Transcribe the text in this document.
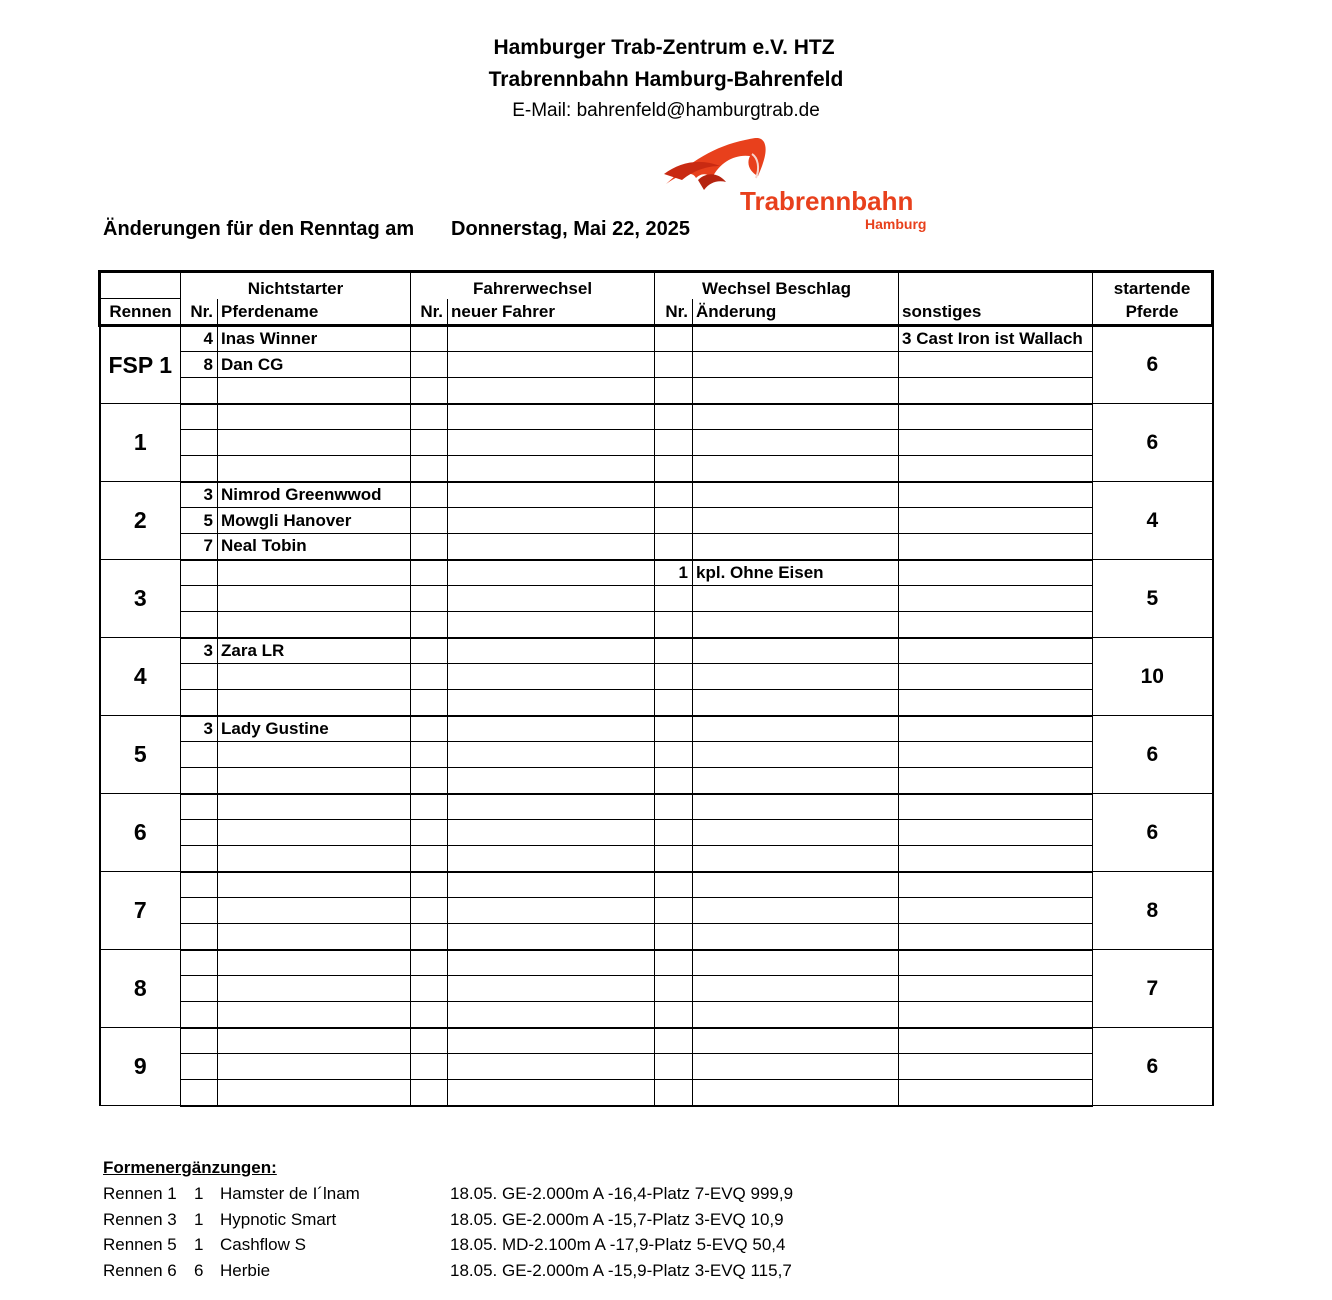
Hamburger Trab-Zentrum e.V. HTZ
Trabrennbahn Hamburg-Bahrenfeld
E-Mail: bahrenfeld@hamburgtrab.de
Trabrennbahn
Hamburg
Änderungen für den Renntag am Donnerstag, Mai 22, 2025
	Nichtstarter		Fahrerwechsel		Wechsel Beschlag			startende
Rennen	Nr.	Pferdename	Nr.	neuer Fahrer	Nr.	Änderung	sonstiges	Pferde
FSP 1	4	Inas Winner					3 Cast Iron ist Wallach	6
	8	Dan CG						

1								6

2	3	Nimrod Greenwwod						4
	5	Mowgli Hanover						
	7	Neal Tobin						
3					1	kpl. Ohne Eisen		5

4	3	Zara LR						10

5	3	Lady Gustine						6

6								6

7								8

8								7

9								6

Formenergänzungen:
Rennen 1 1 Hamster de I´lnam	18.05. GE-2.000m A -16,4-Platz 7-EVQ 999,9
Rennen 3 1 Hypnotic Smart	18.05. GE-2.000m A -15,7-Platz 3-EVQ 10,9
Rennen 5 1 Cashflow S	18.05. MD-2.100m A -17,9-Platz 5-EVQ 50,4
Rennen 6 6 Herbie	18.05. GE-2.000m A -15,9-Platz 3-EVQ 115,7
